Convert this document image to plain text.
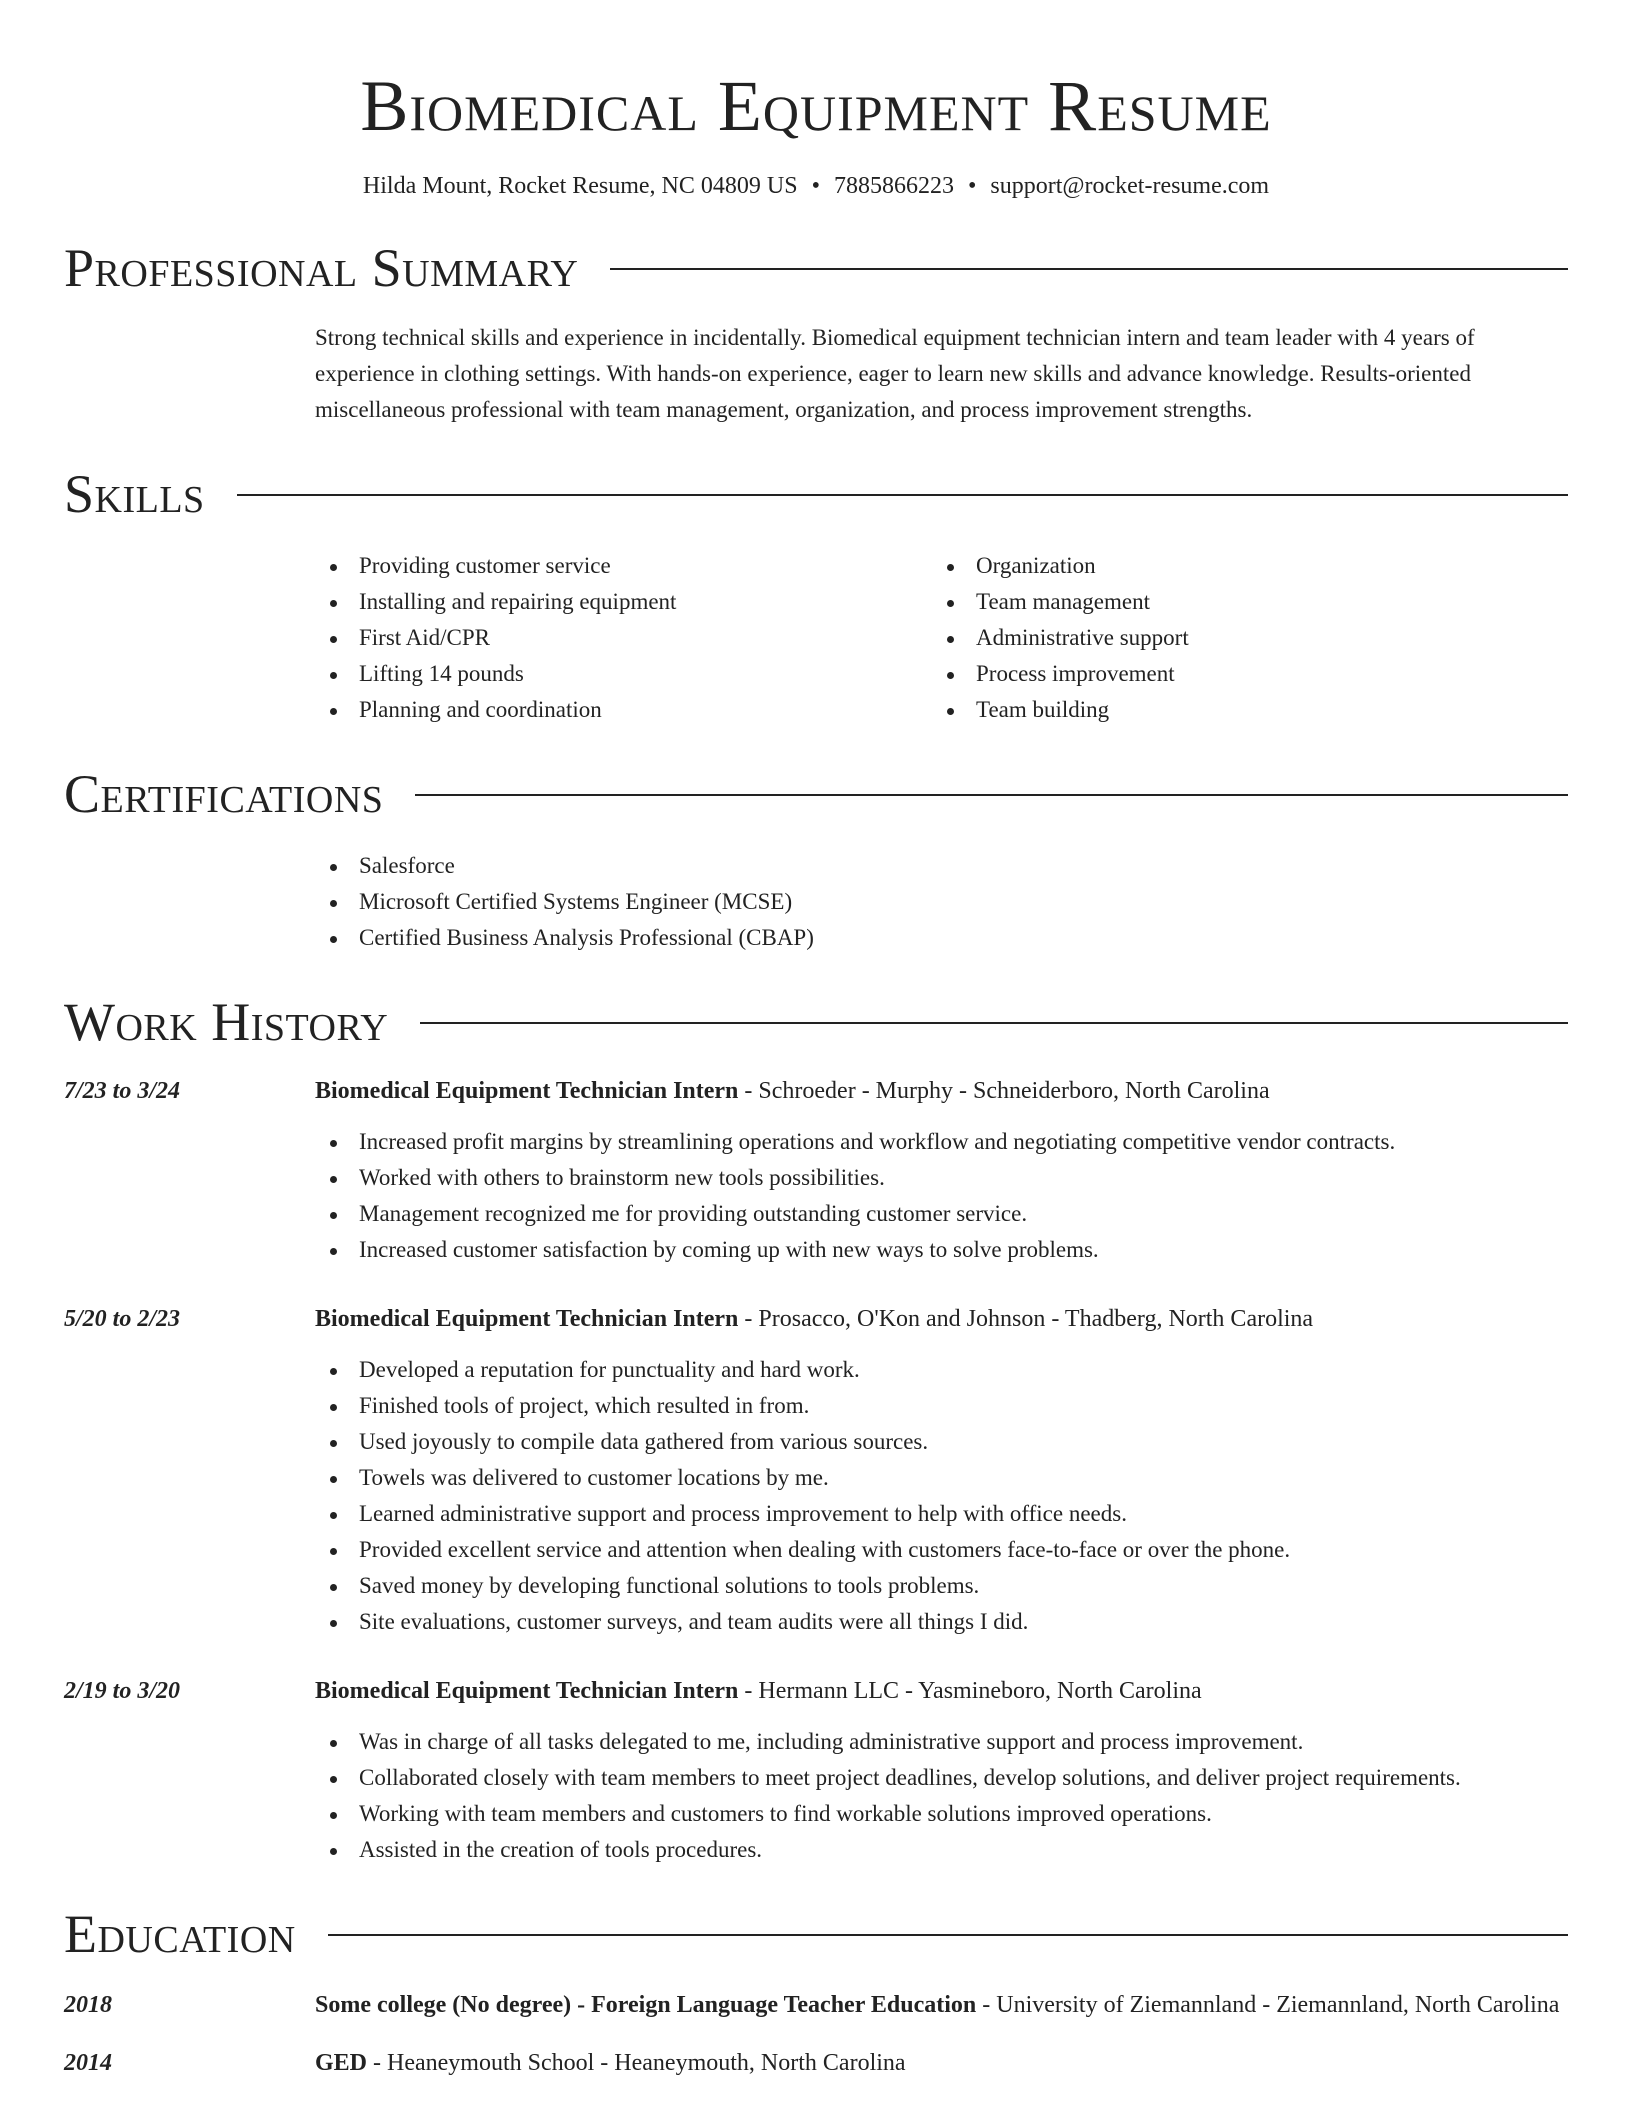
Biomedical Equipment Resume
Hilda Mount, Rocket Resume, NC 04809 US • 7885866223 • support@rocket-resume.com
Professional Summary
Strong technical skills and experience in incidentally. Biomedical equipment technician intern and team leader with 4 years of experience in clothing settings. With hands-on experience, eager to learn new skills and advance knowledge. Results-oriented miscellaneous professional with team management, organization, and process improvement strengths.
Skills
Providing customer service
Installing and repairing equipment
First Aid/CPR
Lifting 14 pounds
Planning and coordination
Organization
Team management
Administrative support
Process improvement
Team building
Certifications
Salesforce
Microsoft Certified Systems Engineer (MCSE)
Certified Business Analysis Professional (CBAP)
Work History
7/23 to 3/24	Biomedical Equipment Technician Intern - Schroeder - Murphy - Schneiderboro, North Carolina
Increased profit margins by streamlining operations and workflow and negotiating competitive vendor contracts.
Worked with others to brainstorm new tools possibilities.
Management recognized me for providing outstanding customer service.
Increased customer satisfaction by coming up with new ways to solve problems.
5/20 to 2/23	Biomedical Equipment Technician Intern - Prosacco, O'Kon and Johnson - Thadberg, North Carolina
Developed a reputation for punctuality and hard work.
Finished tools of project, which resulted in from.
Used joyously to compile data gathered from various sources.
Towels was delivered to customer locations by me.
Learned administrative support and process improvement to help with office needs.
Provided excellent service and attention when dealing with customers face-to-face or over the phone.
Saved money by developing functional solutions to tools problems.
Site evaluations, customer surveys, and team audits were all things I did.
2/19 to 3/20	Biomedical Equipment Technician Intern - Hermann LLC - Yasmineboro, North Carolina
Was in charge of all tasks delegated to me, including administrative support and process improvement.
Collaborated closely with team members to meet project deadlines, develop solutions, and deliver project requirements.
Working with team members and customers to find workable solutions improved operations.
Assisted in the creation of tools procedures.
Education
2018	Some college (No degree) - Foreign Language Teacher Education - University of Ziemannland - Ziemannland, North Carolina
2014	GED - Heaneymouth School - Heaneymouth, North Carolina
